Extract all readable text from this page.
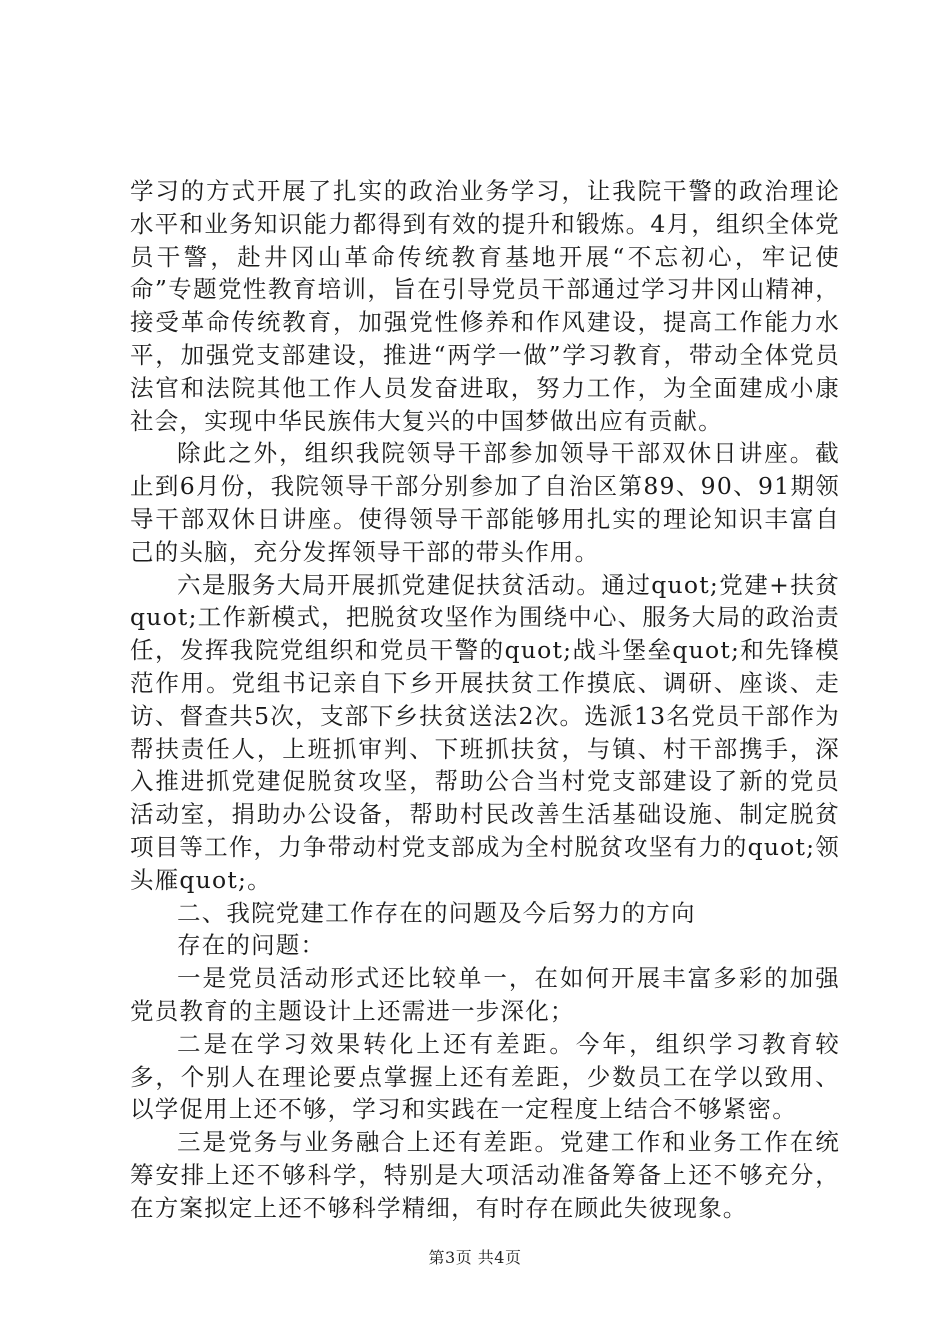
学习的方式开展了扎实的政治业务学习，让我院干警的政治理论水平和业务知识能力都得到有效的提升和锻炼。4月，组织全体党员干警，赴井冈山革命传统教育基地开展“不忘初心，牢记使命”专题党性教育培训，旨在引导党员干部通过学习井冈山精神，接受革命传统教育，加强党性修养和作风建设，提高工作能力水平，加强党支部建设，推进“两学一做”学习教育，带动全体党员法官和法院其他工作人员发奋进取，努力工作，为全面建成小康社会，实现中华民族伟大复兴的中国梦做出应有贡献。

除此之外，组织我院领导干部参加领导干部双休日讲座。截止到6月份，我院领导干部分别参加了自治区第89、90、91期领导干部双休日讲座。使得领导干部能够用扎实的理论知识丰富自己的头脑，充分发挥领导干部的带头作用。

六是服务大局开展抓党建促扶贫活动。通过quot;党建+扶贫quot;工作新模式，把脱贫攻坚作为围绕中心、服务大局的政治责任，发挥我院党组织和党员干警的quot;战斗堡垒quot;和先锋模范作用。党组书记亲自下乡开展扶贫工作摸底、调研、座谈、走访、督查共5次，支部下乡扶贫送法2次。选派13名党员干部作为帮扶责任人，上班抓审判、下班抓扶贫，与镇、村干部携手，深入推进抓党建促脱贫攻坚，帮助公合当村党支部建设了新的党员活动室，捐助办公设备，帮助村民改善生活基础设施、制定脱贫项目等工作，力争带动村党支部成为全村脱贫攻坚有力的quot;领头雁quot;。

二、我院党建工作存在的问题及今后努力的方向

存在的问题：

一是党员活动形式还比较单一，在如何开展丰富多彩的加强党员教育的主题设计上还需进一步深化；

二是在学习效果转化上还有差距。今年，组织学习教育较多，个别人在理论要点掌握上还有差距，少数员工在学以致用、以学促用上还不够，学习和实践在一定程度上结合不够紧密。

三是党务与业务融合上还有差距。党建工作和业务工作在统筹安排上还不够科学，特别是大项活动准备筹备上还不够充分，在方案拟定上还不够科学精细，有时存在顾此失彼现象。

第3页 共4页
